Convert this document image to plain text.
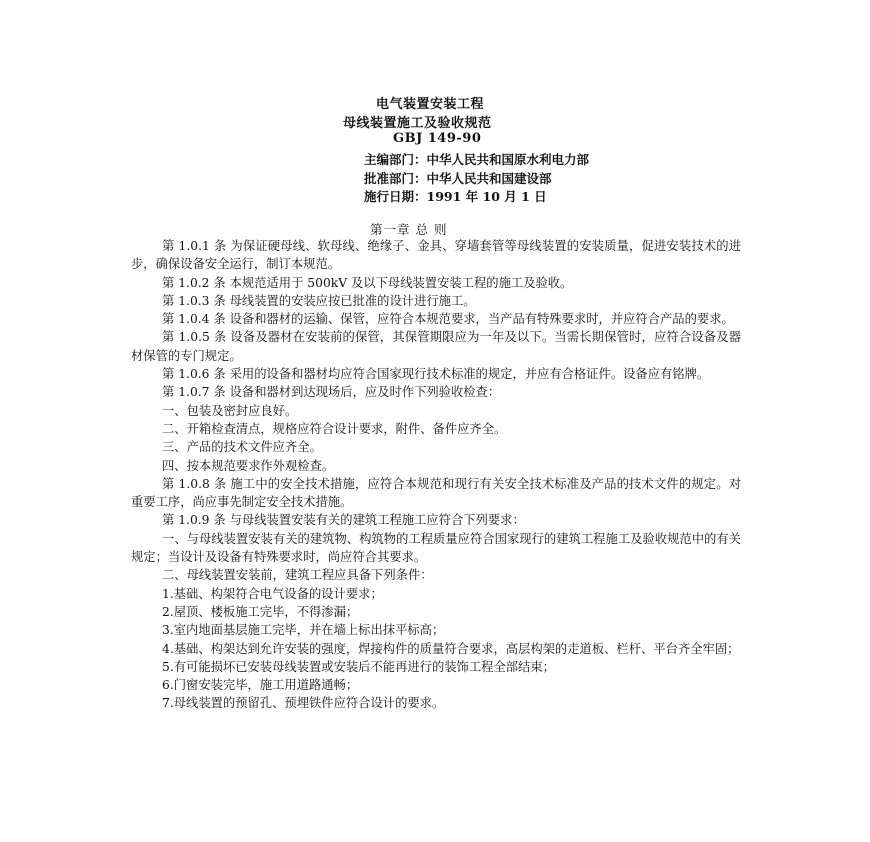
电气装置安装工程
母线装置施工及验收规范
GBJ 149-90
主编部门：中华人民共和国原水利电力部
批准部门：中华人民共和国建设部
施行日期：1991 年 10 月 1 日
第一章 总 则

第 1.0.1 条 为保证硬母线、软母线、绝缘子、金具、穿墙套管等母线装置的安装质量，促进安装技术的进步，确保设备安全运行，制订本规范。

第 1.0.2 条 本规范适用于 500kV 及以下母线装置安装工程的施工及验收。

第 1.0.3 条 母线装置的安装应按已批准的设计进行施工。

第 1.0.4 条 设备和器材的运输、保管，应符合本规范要求，当产品有特殊要求时，并应符合产品的要求。

第 1.0.5 条 设备及器材在安装前的保管，其保管期限应为一年及以下。当需长期保管时，应符合设备及器材保管的专门规定。

第 1.0.6 条 采用的设备和器材均应符合国家现行技术标准的规定，并应有合格证件。设备应有铭牌。

第 1.0.7 条 设备和器材到达现场后，应及时作下列验收检查：

一、包装及密封应良好。

二、开箱检查清点，规格应符合设计要求，附件、备件应齐全。

三、产品的技术文件应齐全。

四、按本规范要求作外观检查。

第 1.0.8 条 施工中的安全技术措施，应符合本规范和现行有关安全技术标准及产品的技术文件的规定。对重要工序，尚应事先制定安全技术措施。

第 1.0.9 条 与母线装置安装有关的建筑工程施工应符合下列要求：

一、与母线装置安装有关的建筑物、构筑物的工程质量应符合国家现行的建筑工程施工及验收规范中的有关规定；当设计及设备有特殊要求时，尚应符合其要求。

二、母线装置安装前，建筑工程应具备下列条件：

1.基础、构架符合电气设备的设计要求；

2.屋顶、楼板施工完毕，不得渗漏；

3.室内地面基层施工完毕，并在墙上标出抹平标高；

4.基础、构架达到允许安装的强度，焊接构件的质量符合要求，高层构架的走道板、栏杆、平台齐全牢固；

5.有可能损坏已安装母线装置或安装后不能再进行的装饰工程全部结束；

6.门窗安装完毕，施工用道路通畅；

7.母线装置的预留孔、预埋铁件应符合设计的要求。
